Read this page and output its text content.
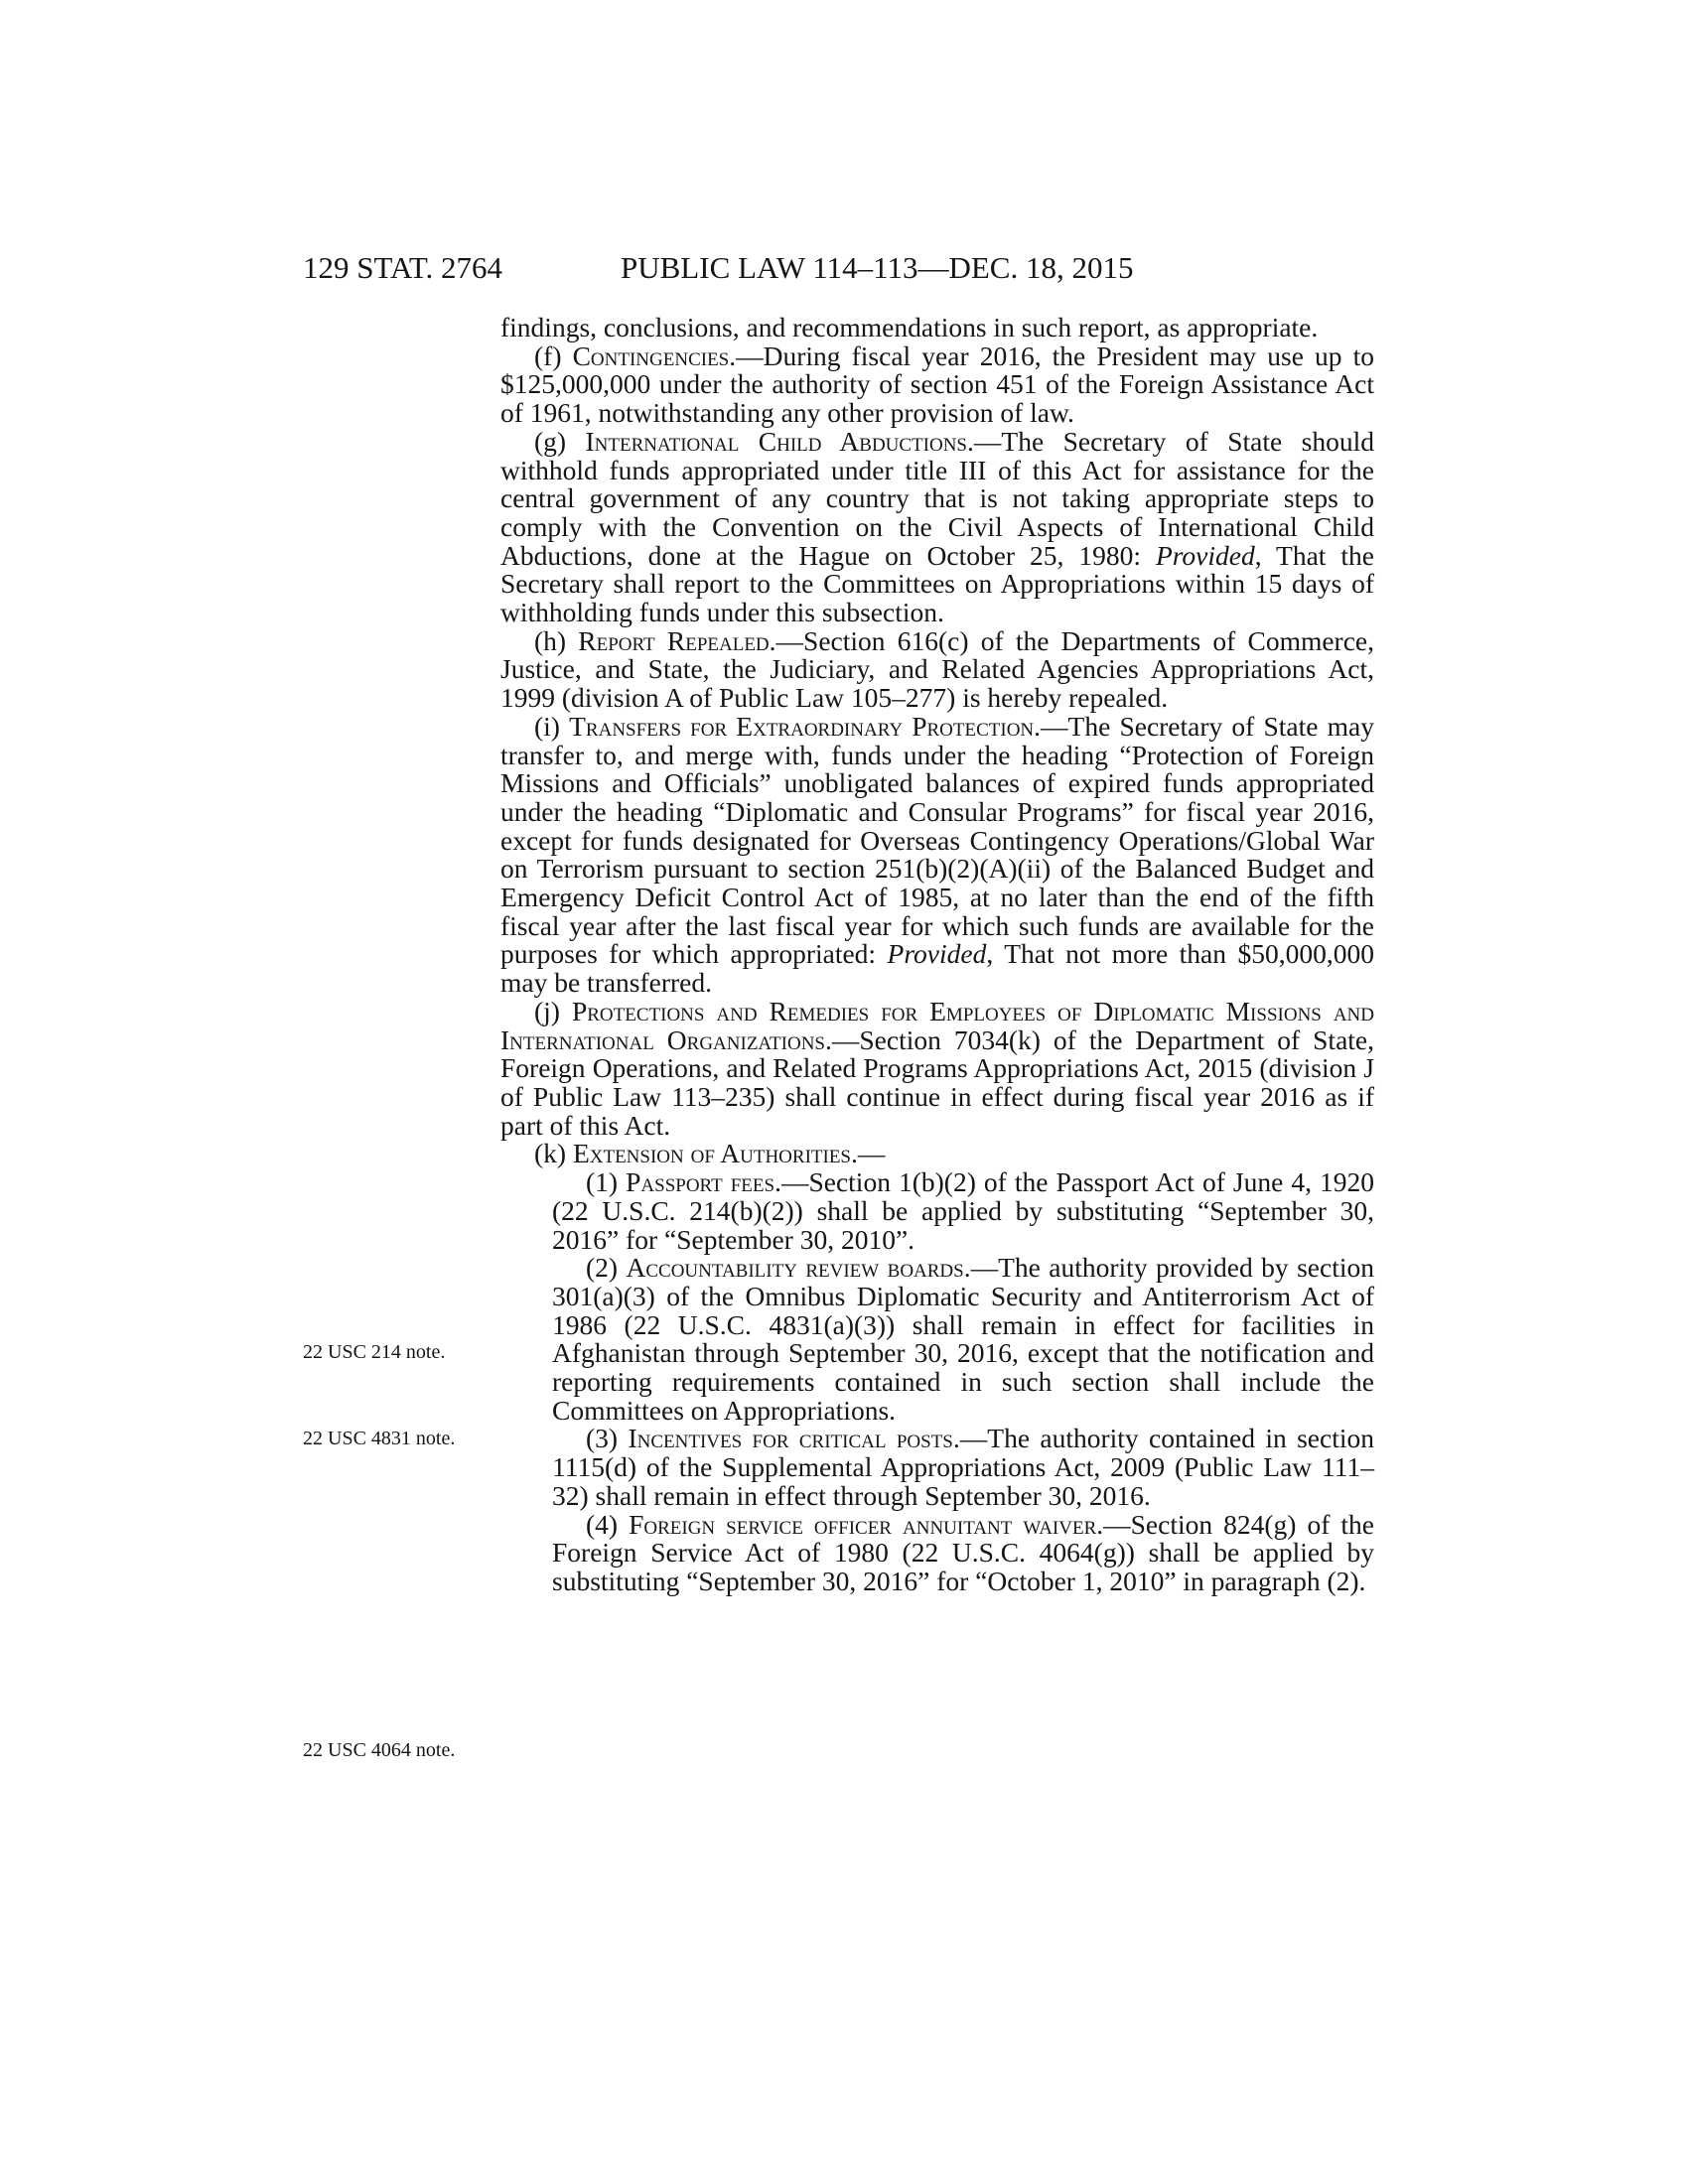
129 STAT. 2764	PUBLIC LAW 114–113—DEC. 18, 2015
22 USC 214 note.
22 USC 4831 note.
22 USC 4064 note.

findings, conclusions, and recommendations in such report, as appropriate.

(f) Contingencies.—During fiscal year 2016, the President may use up to $125,000,000 under the authority of section 451 of the Foreign Assistance Act of 1961, notwithstanding any other provision of law.

(g) International Child Abductions.—The Secretary of State should withhold funds appropriated under title III of this Act for assistance for the central government of any country that is not taking appropriate steps to comply with the Convention on the Civil Aspects of International Child Abductions, done at the Hague on October 25, 1980: Provided, That the Secretary shall report to the Committees on Appropriations within 15 days of withholding funds under this subsection.

(h) Report Repealed.—Section 616(c) of the Departments of Commerce, Justice, and State, the Judiciary, and Related Agencies Appropriations Act, 1999 (division A of Public Law 105–277) is hereby repealed.

(i) Transfers for Extraordinary Protection.—The Secretary of State may transfer to, and merge with, funds under the heading “Protection of Foreign Missions and Officials” unobligated balances of expired funds appropriated under the heading “Diplomatic and Consular Programs” for fiscal year 2016, except for funds designated for Overseas Contingency Operations/Global War on Terrorism pursuant to section 251(b)(2)(A)(ii) of the Balanced Budget and Emergency Deficit Control Act of 1985, at no later than the end of the fifth fiscal year after the last fiscal year for which such funds are available for the purposes for which appropriated: Provided, That not more than $50,000,000 may be transferred.

(j) Protections and Remedies for Employees of Diplomatic Missions and International Organizations.—Section 7034(k) of the Department of State, Foreign Operations, and Related Programs Appropriations Act, 2015 (division J of Public Law 113–235) shall continue in effect during fiscal year 2016 as if part of this Act.

(k) Extension of Authorities.—

(1) Passport fees.—Section 1(b)(2) of the Passport Act of June 4, 1920 (22 U.S.C. 214(b)(2)) shall be applied by substituting “September 30, 2016” for “September 30, 2010”.

(2) Accountability review boards.—The authority provided by section 301(a)(3) of the Omnibus Diplomatic Security and Antiterrorism Act of 1986 (22 U.S.C. 4831(a)(3)) shall remain in effect for facilities in Afghanistan through September 30, 2016, except that the notification and reporting requirements contained in such section shall include the Committees on Appropriations.

(3) Incentives for critical posts.—The authority contained in section 1115(d) of the Supplemental Appropriations Act, 2009 (Public Law 111–32) shall remain in effect through September 30, 2016.

(4) Foreign service officer annuitant waiver.—Section 824(g) of the Foreign Service Act of 1980 (22 U.S.C. 4064(g)) shall be applied by substituting “September 30, 2016” for “October 1, 2010” in paragraph (2).
